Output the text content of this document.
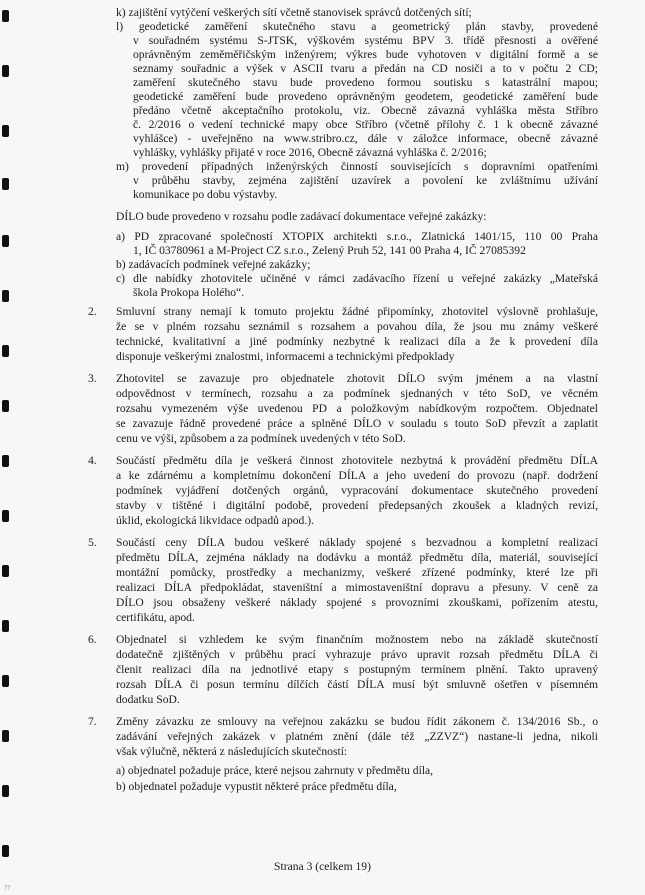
??
k) zajištění vytýčení veškerých sítí včetně stanovisek správců dotčených sítí;
l) geodetické zaměření skutečného stavu a geometrický plán stavby, provedené
v souřadném systému S-JTSK, výškovém systému BPV 3. třídě přesnosti a ověřené
oprávněným zeměměřičským inženýrem; výkres bude vyhotoven v digitální formě a se
seznamy souřadnic a výšek v ASCII tvaru a předán na CD nosiči a to v počtu 2 CD;
zaměření skutečného stavu bude provedeno formou soutisku s katastrální mapou;
geodetické zaměření bude provedeno oprávněným geodetem, geodetické zaměření bude
předáno včetně akceptačního protokolu, viz. Obecně závazná vyhláška města Stříbro
č. 2/2016 o vedení technické mapy obce Stříbro (včetně přílohy č. 1 k obecně závazné
vyhlášce) - uveřejněno na www.stribro.cz, dále v záložce informace, obecně závazné
vyhlášky, vyhlášky přijaté v roce 2016, Obecně závazná vyhláška č. 2/2016;
m) provedení případných inženýrských činností souvisejících s dopravními opatřeními
v průběhu stavby, zejména zajištění uzavírek a povolení ke zvláštnímu užívání
komunikace po dobu výstavby.
DÍLO bude provedeno v rozsahu podle zadávací dokumentace veřejné zakázky:
a) PD zpracované společností XTOPIX architekti s.r.o., Zlatnická 1401/15, 110 00 Praha
1, IČ 03780961 a M-Project CZ s.r.o., Zelený Pruh 52, 141 00 Praha 4, IČ 27085392
b) zadávacích podmínek veřejné zakázky;
c) dle nabídky zhotovitele učiněné v rámci zadávacího řízení u veřejné zakázky „Mateřská
škola Prokopa Holého“.
2. Smluvní strany nemají k tomuto projektu žádné připomínky, zhotovitel výslovně prohlašuje,
že se v plném rozsahu seznámil s rozsahem a povahou díla, že jsou mu známy veškeré
technické, kvalitativní a jiné podmínky nezbytné k realizaci díla a že k provedení díla
disponuje veškerými znalostmi, informacemi a technickými předpoklady
3. Zhotovitel se zavazuje pro objednatele zhotovit DÍLO svým jménem a na vlastní
odpovědnost v termínech, rozsahu a za podmínek sjednaných v této SoD, ve věcném
rozsahu vymezeném výše uvedenou PD a položkovým nabídkovým rozpočtem. Objednatel
se zavazuje řádně provedené práce a splněné DÍLO v souladu s touto SoD převzít a zaplatit
cenu ve výši, způsobem a za podmínek uvedených v této SoD.
4. Součástí předmětu díla je veškerá činnost zhotovitele nezbytná k provádění předmětu DÍLA
a ke zdárnému a kompletnímu dokončení DÍLA a jeho uvedení do provozu (např. dodržení
podmínek vyjádření dotčených orgánů, vypracování dokumentace skutečného provedení
stavby v tištěné i digitální podobě, provedení předepsaných zkoušek a kladných revizí,
úklid, ekologická likvidace odpadů apod.).
5. Součástí ceny DÍLA budou veškeré náklady spojené s bezvadnou a kompletní realizací
předmětu DÍLA, zejména náklady na dodávku a montáž předmětu díla, materiál, související
montážní pomůcky, prostředky a mechanizmy, veškeré zřízené podmínky, které lze při
realizaci DÍLA předpokládat, staveništní a mimostaveništní dopravu a přesuny. V ceně za
DÍLO jsou obsaženy veškeré náklady spojené s provozními zkouškami, pořízením atestu,
certifikátu, apod.
6. Objednatel si vzhledem ke svým finančním možnostem nebo na základě skutečností
dodatečně zjištěných v průběhu prací vyhrazuje právo upravit rozsah předmětu DÍLA či
členit realizaci díla na jednotlivé etapy s postupným termínem plnění. Takto upravený
rozsah DÍLA či posun termínu dílčích částí DÍLA musí být smluvně ošetřen v písemném
dodatku SoD.
7. Změny závazku ze smlouvy na veřejnou zakázku se budou řídit zákonem č. 134/2016 Sb., o
zadávání veřejných zakázek v platném znění (dále též „ZZVZ“) nastane-li jedna, nikoli
však výlučně, některá z následujících skutečností:
a) objednatel požaduje práce, které nejsou zahrnuty v předmětu díla,
b) objednatel požaduje vypustit některé práce předmětu díla,
Strana 3 (celkem 19)
